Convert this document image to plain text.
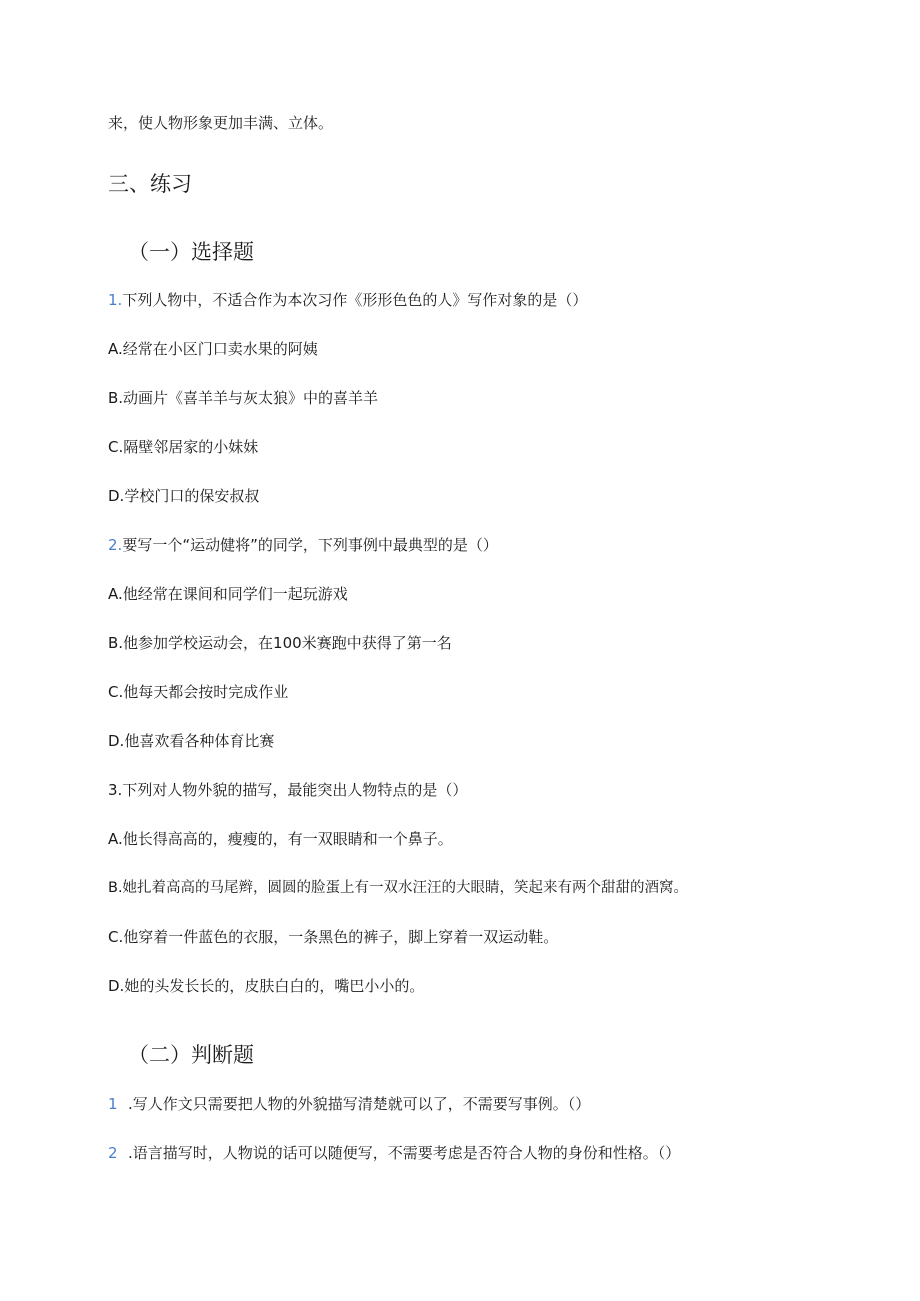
来，使人物形象更加丰满、立体。
三、练习
（一）选择题
1.下列人物中，不适合作为本次习作《形形色色的人》写作对象的是（）
A.经常在小区门口卖水果的阿姨
B.动画片《喜羊羊与灰太狼》中的喜羊羊
C.隔壁邻居家的小妹妹
D.学校门口的保安叔叔
2.要写一个“运动健将”的同学，下列事例中最典型的是（）
A.他经常在课间和同学们一起玩游戏
B.他参加学校运动会，在100米赛跑中获得了第一名
C.他每天都会按时完成作业
D.他喜欢看各种体育比赛
3.下列对人物外貌的描写，最能突出人物特点的是（）
A.他长得高高的，瘦瘦的，有一双眼睛和一个鼻子。
B.她扎着高高的马尾辫，圆圆的脸蛋上有一双水汪汪的大眼睛，笑起来有两个甜甜的酒窝。
C.他穿着一件蓝色的衣服，一条黑色的裤子，脚上穿着一双运动鞋。
D.她的头发长长的，皮肤白白的，嘴巴小小的。
（二）判断题
1 .写人作文只需要把人物的外貌描写清楚就可以了，不需要写事例。（）
2 .语言描写时，人物说的话可以随便写，不需要考虑是否符合人物的身份和性格。（）
